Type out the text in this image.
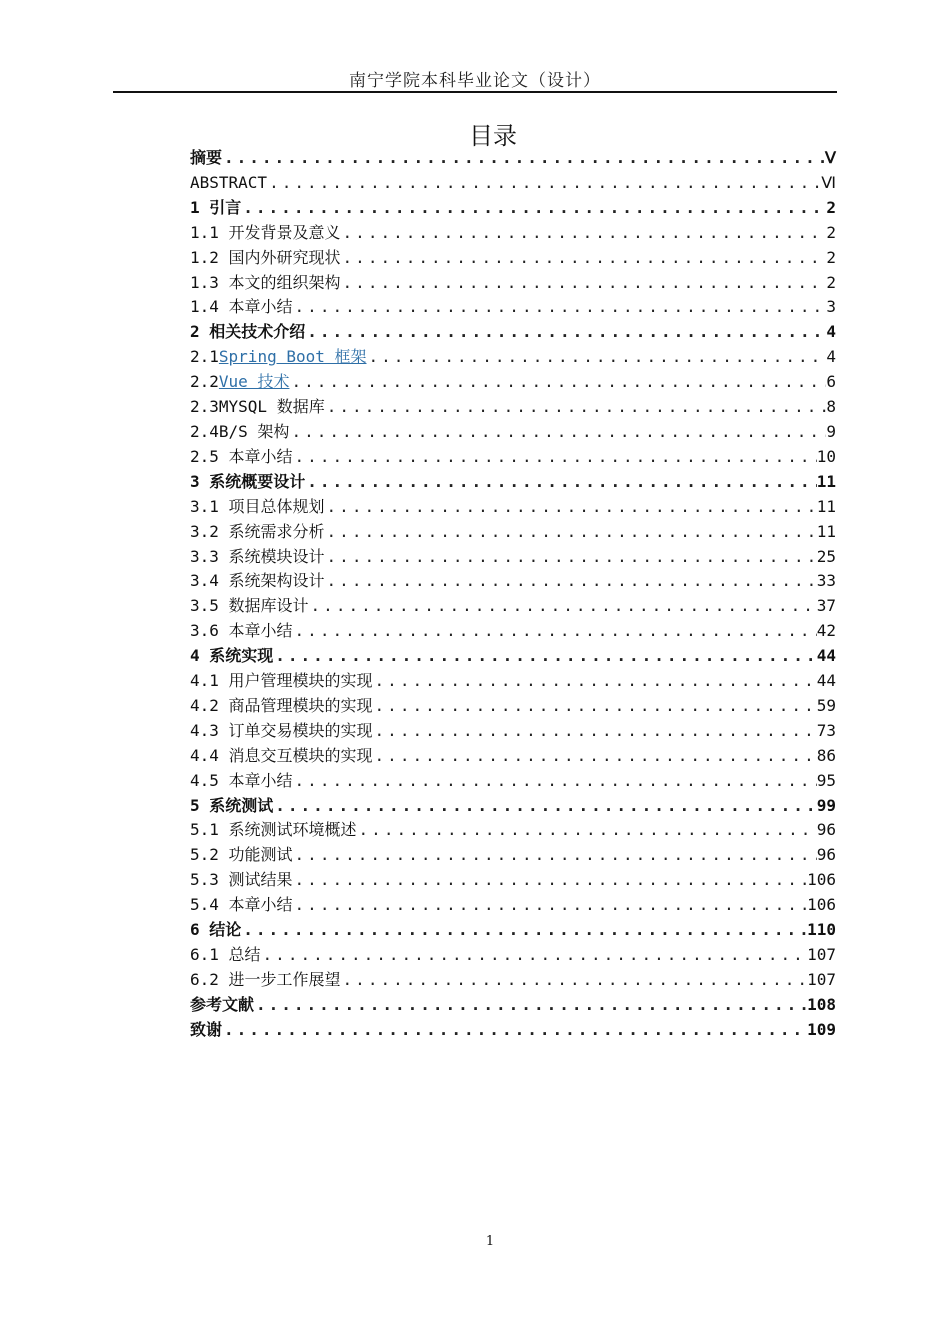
南宁学院本科毕业论文（设计）
目录
摘要 .....	Ⅴ
ABSTRACT .....	Ⅵ
1 引言 .....	2
1.1 开发背景及意义 .....	2
1.2 国内外研究现状 .....	2
1.3 本文的组织架构 .....	2
1.4 本章小结 .....	3
2 相关技术介绍 .....	4
2.1Spring Boot 框架 .....	4
2.2Vue 技术 .....	6
2.3MYSQL 数据库 .....	8
2.4B/S 架构 .....	9
2.5 本章小结 .....	10
3 系统概要设计 .....	11
3.1 项目总体规划 .....	11
3.2 系统需求分析 .....	11
3.3 系统模块设计 .....	25
3.4 系统架构设计 .....	33
3.5 数据库设计 .....	37
3.6 本章小结 .....	42
4 系统实现 .....	44
4.1 用户管理模块的实现 .....	44
4.2 商品管理模块的实现 .....	59
4.3 订单交易模块的实现 .....	73
4.4 消息交互模块的实现 .....	86
4.5 本章小结 .....	95
5 系统测试 .....	99
5.1 系统测试环境概述 .....	96
5.2 功能测试 .....	96
5.3 测试结果 .....	106
5.4 本章小结 .....	106
6 结论 .....	110
6.1 总结 .....	107
6.2 进一步工作展望 .....	107
参考文献 .....	108
致谢 .....	109
1
